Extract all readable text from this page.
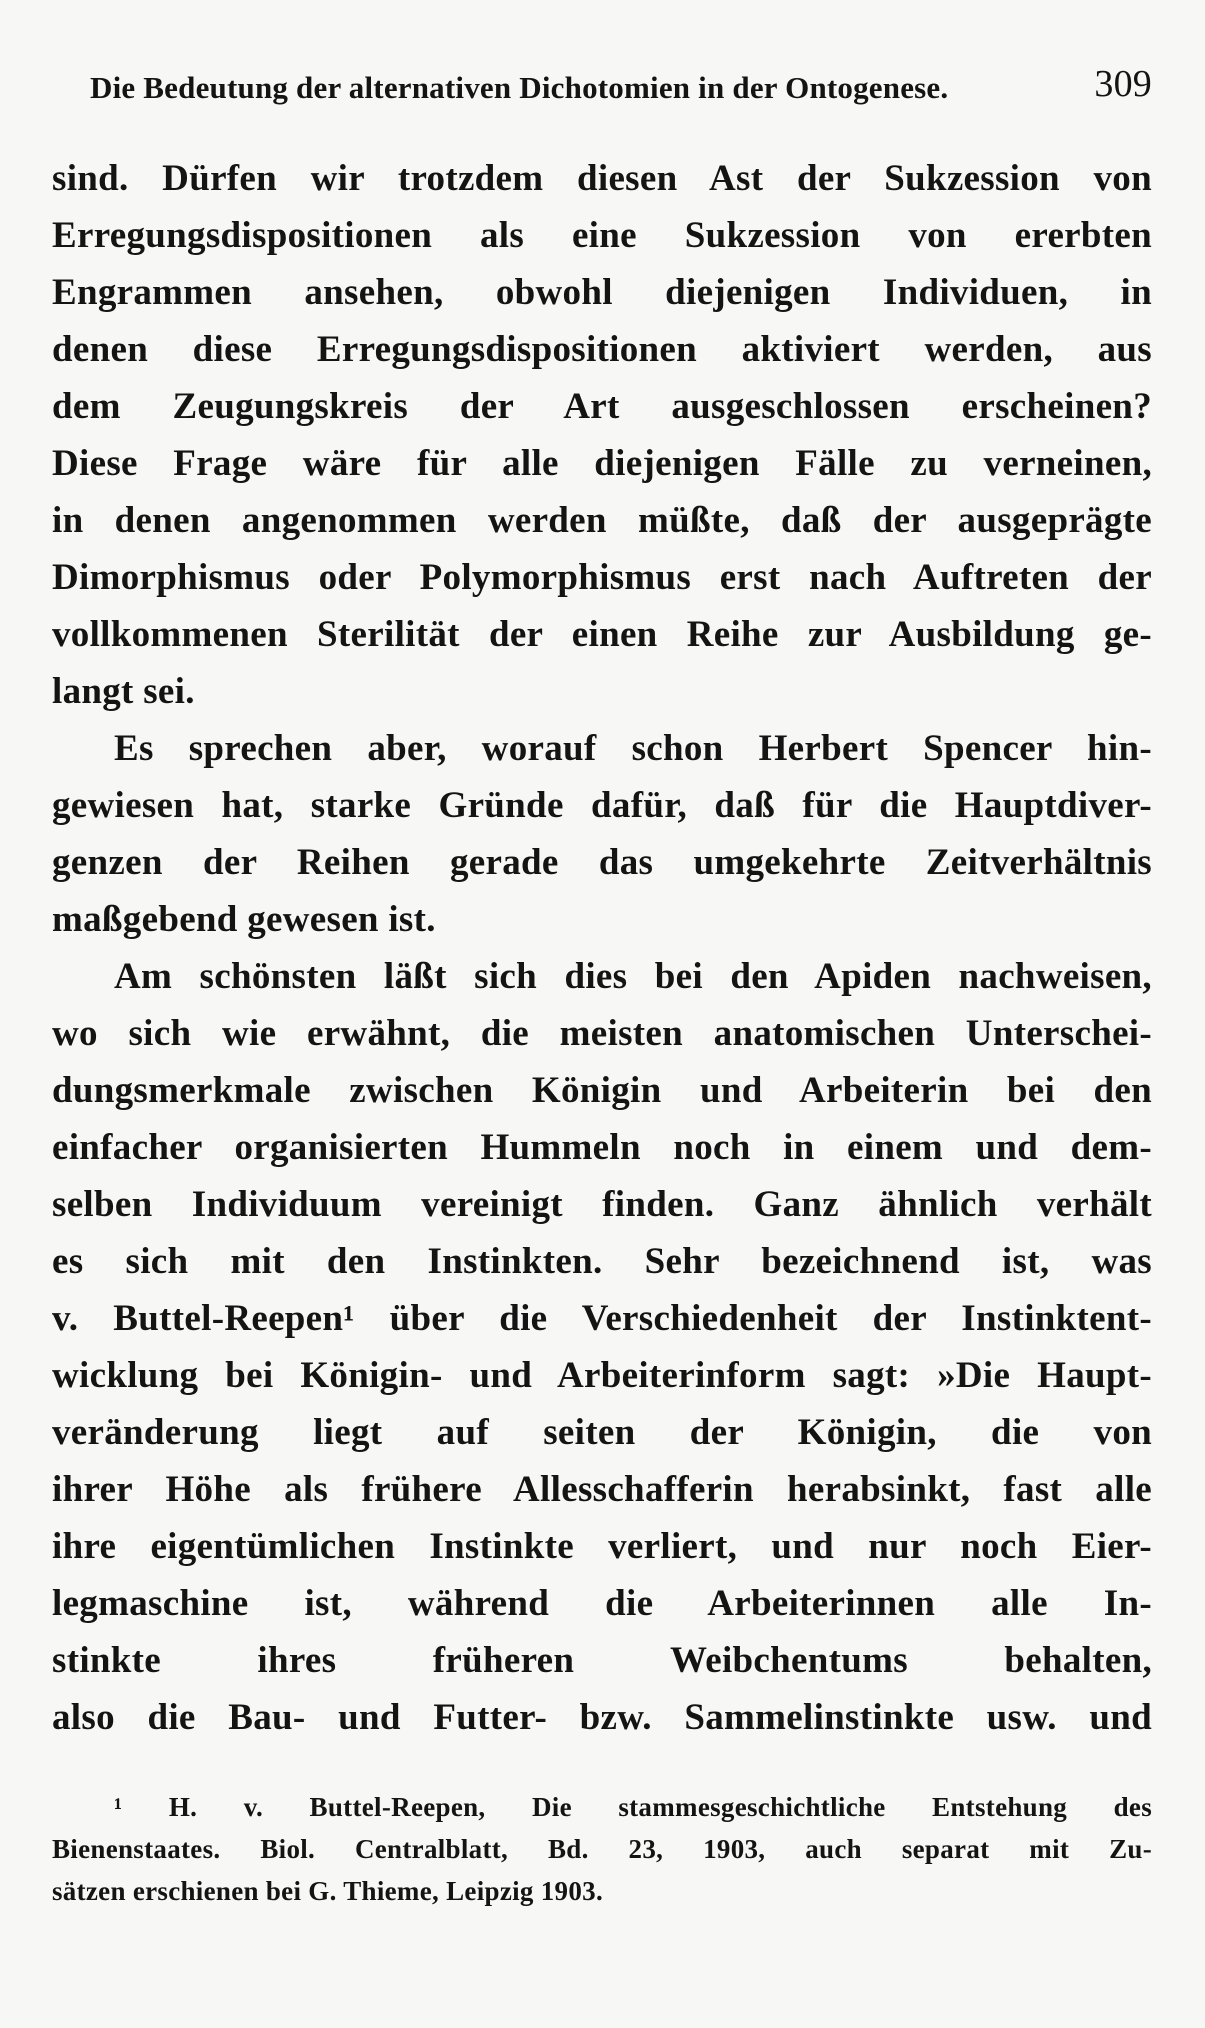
Die Bedeutung der alternativen Dichotomien in der Ontogenese.	309
sind. Dürfen wir trotzdem diesen Ast der Sukzession von
Erregungsdispositionen als eine Sukzession von ererbten
Engrammen ansehen, obwohl diejenigen Individuen, in
denen diese Erregungsdispositionen aktiviert werden, aus
dem Zeugungskreis der Art ausgeschlossen erscheinen?
Diese Frage wäre für alle diejenigen Fälle zu verneinen,
in denen angenommen werden müßte, daß der ausgeprägte
Dimorphismus oder Polymorphismus erst nach Auftreten der
vollkommenen Sterilität der einen Reihe zur Ausbildung ge-
langt sei.
Es sprechen aber, worauf schon Herbert Spencer hin-
gewiesen hat, starke Gründe dafür, daß für die Hauptdiver-
genzen der Reihen gerade das umgekehrte Zeitverhältnis
maßgebend gewesen ist.
Am schönsten läßt sich dies bei den Apiden nachweisen,
wo sich wie erwähnt, die meisten anatomischen Unterschei-
dungsmerkmale zwischen Königin und Arbeiterin bei den
einfacher organisierten Hummeln noch in einem und dem-
selben Individuum vereinigt finden. Ganz ähnlich verhält
es sich mit den Instinkten. Sehr bezeichnend ist, was
v. Buttel-Reepen¹ über die Verschiedenheit der Instinktent-
wicklung bei Königin- und Arbeiterinform sagt: »Die Haupt-
veränderung liegt auf seiten der Königin, die von
ihrer Höhe als frühere Allesschafferin herabsinkt, fast alle
ihre eigentümlichen Instinkte verliert, und nur noch Eier-
legmaschine ist, während die Arbeiterinnen alle In-
stinkte ihres früheren Weibchentums behalten,
also die Bau- und Futter- bzw. Sammelinstinkte usw. und
¹ H. v. Buttel-Reepen, Die stammesgeschichtliche Entstehung des
Bienenstaates. Biol. Centralblatt, Bd. 23, 1903, auch separat mit Zu-
sätzen erschienen bei G. Thieme, Leipzig 1903.
